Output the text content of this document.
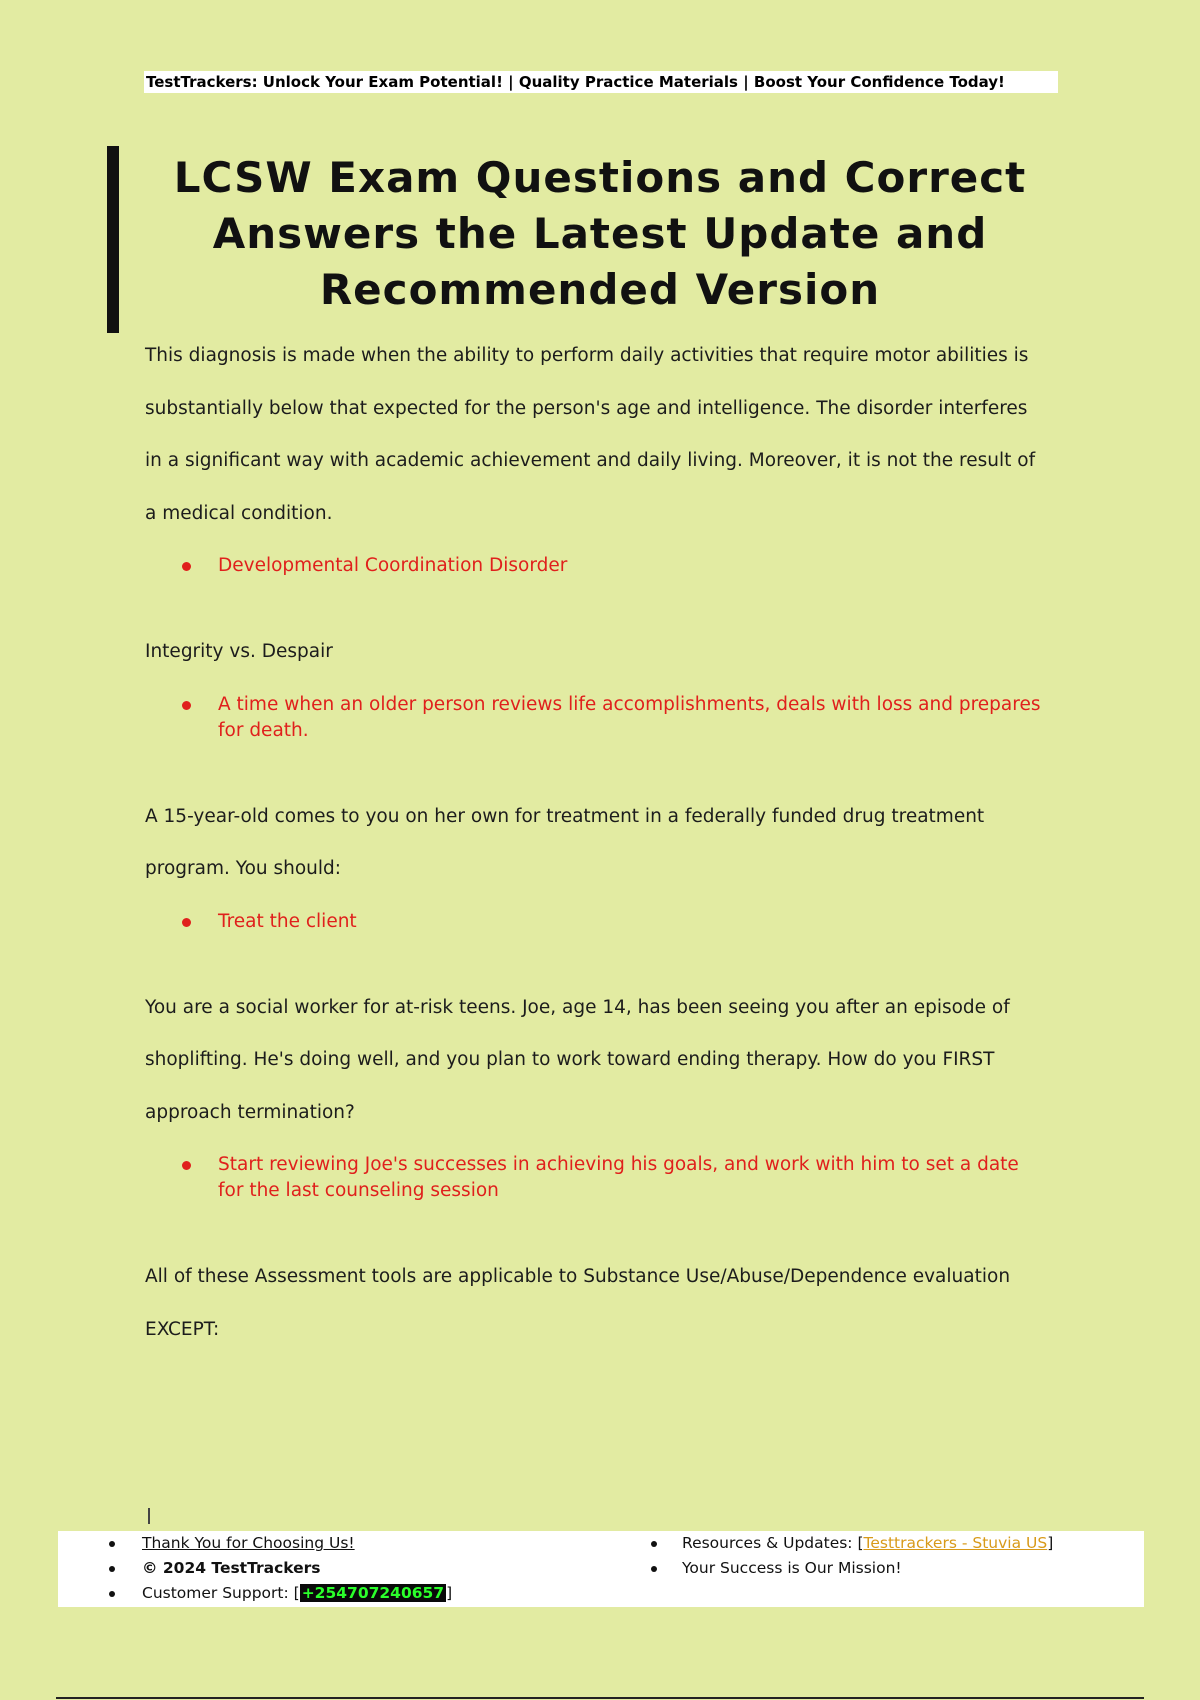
TestTrackers: Unlock Your Exam Potential! | Quality Practice Materials | Boost Your Confidence Today!
LCSW Exam Questions and Correct
Answers the Latest Update and
Recommended Version

This diagnosis is made when the ability to perform daily activities that require motor abilities is substantially below that expected for the person's age and intelligence. The disorder interferes in a significant way with academic achievement and daily living. Moreover, it is not the result of a medical condition.

Developmental Coordination Disorder

Integrity vs. Despair

A time when an older person reviews life accomplishments, deals with loss and prepares for death.

A 15-year-old comes to you on her own for treatment in a federally funded drug treatment program. You should:

Treat the client

You are a social worker for at-risk teens. Joe, age 14, has been seeing you after an episode of shoplifting. He's doing well, and you plan to work toward ending therapy. How do you FIRST approach termination?

Start reviewing Joe's successes in achieving his goals, and work with him to set a date for the last counseling session

All of these Assessment tools are applicable to Substance Use/Abuse/Dependence evaluation EXCEPT:

Thank You for Choosing Us!
© 2024 TestTrackers
Customer Support: [ +254707240657 ]
Resources & Updates: [Testtrackers - Stuvia US]
Your Success is Our Mission!
